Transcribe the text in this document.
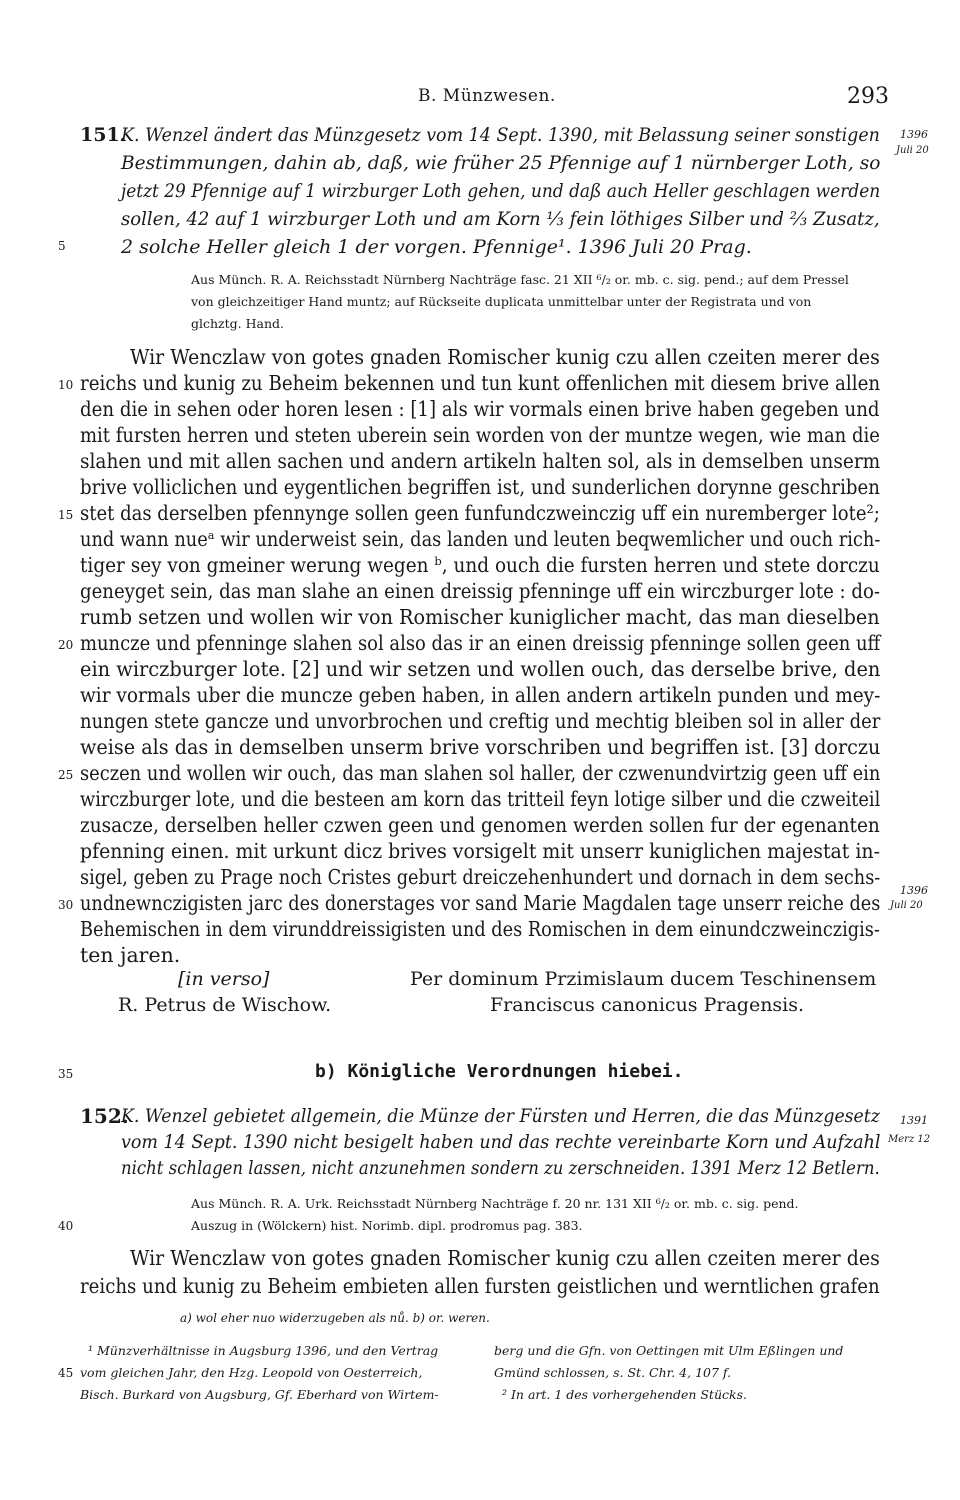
B. Münzwesen.	293
151.
K. Wenzel ändert das Münzgesetz vom 14 Sept. 1390, mit Belassung seiner sonstigen
Bestimmungen, dahin ab, daß, wie früher 25 Pfennige auf 1 nürnberger Loth, so
jetzt 29 Pfennige auf 1 wirzburger Loth gehen, und daß auch Heller geschlagen werden
sollen, 42 auf 1 wirzburger Loth und am Korn ⅓ fein löthiges Silber und ⅔ Zusatz,
2 solche Heller gleich 1 der vorgen. Pfennige¹. 1396 Juli 20 Prag.
1396
Juli 20
5
Aus Münch. R. A. Reichsstadt Nürnberg Nachträge fasc. 21 XII ⁶/₂ or. mb. c. sig. pend.; auf dem Pressel
von gleichzeitiger Hand muntz; auf Rückseite duplicata unmittelbar unter der Registrata und von
glchztg. Hand.
Wir Wenczlaw von gotes gnaden Romischer kunig czu allen czeiten merer des
reichs und kunig zu Beheim bekennen und tun kunt offenlichen mit diesem brive allen
den die in sehen oder horen lesen : [1] als wir vormals einen brive haben gegeben und
mit fursten herren und steten uberein sein worden von der muntze wegen, wie man die
slahen und mit allen sachen und andern artikeln halten sol, als in demselben unserm
brive volliclichen und eygentlichen begriffen ist, und sunderlichen dorynne geschriben
stet das derselben pfennynge sollen geen funfundczweinczig uff ein nuremberger lote²;
und wann nueᵃ wir underweist sein, das landen und leuten beqwemlicher und ouch rich-
tiger sey von gmeiner werung wegen ᵇ, und ouch die fursten herren und stete dorczu
geneyget sein, das man slahe an einen dreissig pfenninge uff ein wirczburger lote : do-
rumb setzen und wollen wir von Romischer kuniglicher macht, das man dieselben
muncze und pfenninge slahen sol also das ir an einen dreissig pfenninge sollen geen uff
ein wirczburger lote. [2] und wir setzen und wollen ouch, das derselbe brive, den
wir vormals uber die muncze geben haben, in allen andern artikeln punden und mey-
nungen stete gancze und unvorbrochen und creftig und mechtig bleiben sol in aller der
weise als das in demselben unserm brive vorschriben und begriffen ist. [3] dorczu
seczen und wollen wir ouch, das man slahen sol haller, der czwenundvirtzig geen uff ein
wirczburger lote, und die besteen am korn das tritteil feyn lotige silber und die czweiteil
zusacze, derselben heller czwen geen und genomen werden sollen fur der egenanten
pfenning einen. mit urkunt dicz brives vorsigelt mit unserr kuniglichen majestat in-
sigel, geben zu Prage noch Cristes geburt dreiczehenhundert und dornach in dem sechs-
undnewnczigisten jarc des donerstages vor sand Marie Magdalen tage unserr reiche des
Behemischen in dem virunddreissigisten und des Romischen in dem einundczweinczigis-
ten jaren.
10
15
20
25
30
1396
Juli 20
[in verso]	Per dominum Przimislaum ducem Teschinensem
R. Petrus de Wischow.	Franciscus canonicus Pragensis.
35	b) Königliche Verordnungen hiebei.
152.
K. Wenzel gebietet allgemein, die Münze der Fürsten und Herren, die das Münzgesetz
vom 14 Sept. 1390 nicht besigelt haben und das rechte vereinbarte Korn und Aufzahl
nicht schlagen lassen, nicht anzunehmen sondern zu zerschneiden. 1391 Merz 12 Betlern.
1391
Merz 12
Aus Münch. R. A. Urk. Reichsstadt Nürnberg Nachträge f. 20 nr. 131 XII ⁶/₂ or. mb. c. sig. pend.
Auszug in (Wölckern) hist. Norimb. dipl. prodromus pag. 383.
40
Wir Wenczlaw von gotes gnaden Romischer kunig czu allen czeiten merer des
reichs und kunig zu Beheim embieten allen fursten geistlichen und werntlichen grafen
a) wol eher nuo widerzugeben als nů. b) or. weren.
¹ Münzverhältnisse in Augsburg 1396, und den Vertrag
vom gleichen Jahr, den Hzg. Leopold von Oesterreich,
Bisch. Burkard von Augsburg, Gf. Eberhard von Wirtem-
45
berg und die Gfn. von Oettingen mit Ulm Eßlingen und
Gmünd schlossen, s. St. Chr. 4, 107 f.
² In art. 1 des vorhergehenden Stücks.
